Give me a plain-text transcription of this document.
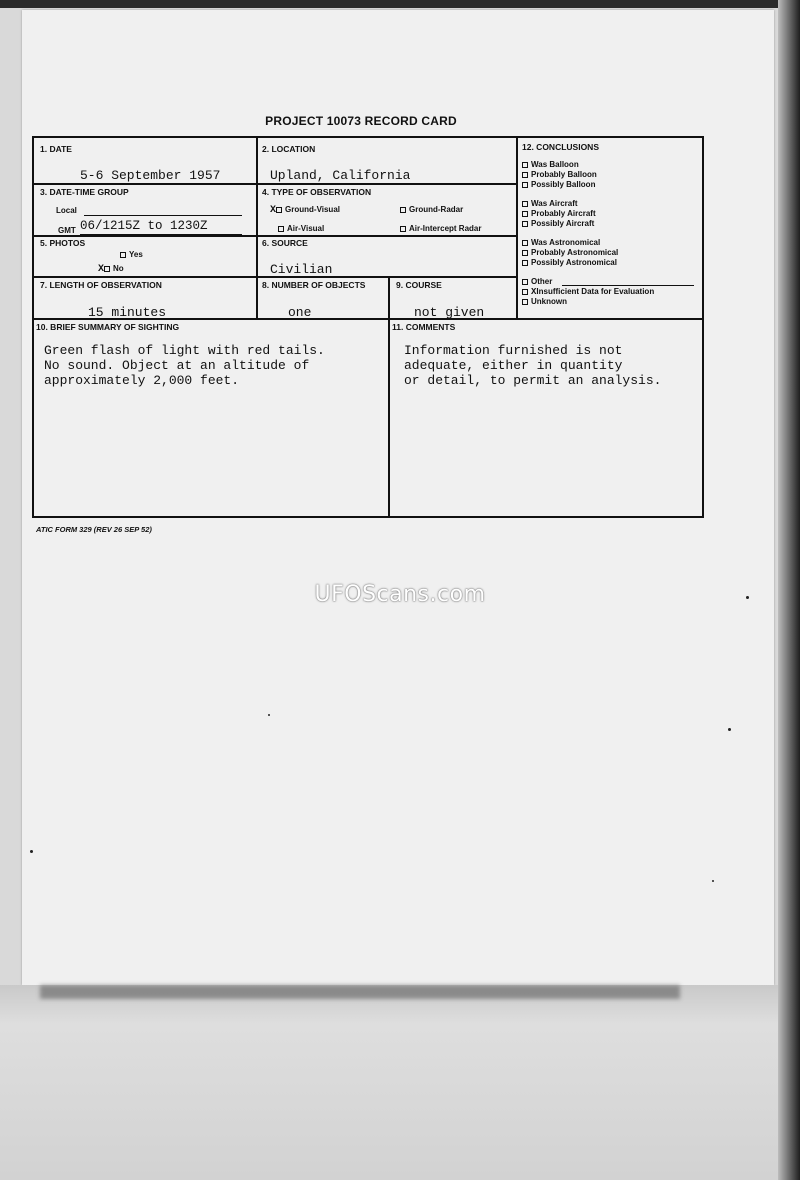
PROJECT 10073 RECORD CARD
1. DATE
5-6 September 1957
2. LOCATION
Upland, California
3. DATE-TIME GROUP
Local
GMT 06/1215Z to 1230Z
4. TYPE OF OBSERVATION
X Ground-Visual	Ground-Radar
Air-Visual	Air-Intercept Radar
5. PHOTOS
Yes
X No
6. SOURCE
Civilian
7. LENGTH OF OBSERVATION
15 minutes
8. NUMBER OF OBJECTS
one
9. COURSE
not given
10. BRIEF SUMMARY OF SIGHTING
Green flash of light with red tails.
No sound. Object at an altitude of
approximately 2,000 feet.
11. COMMENTS
Information furnished is not
adequate, either in quantity
or detail, to permit an analysis.
12. CONCLUSIONS
Was Balloon
Probably Balloon
Possibly Balloon
Was Aircraft
Probably Aircraft
Possibly Aircraft
Was Astronomical
Probably Astronomical
Possibly Astronomical
Other
XInsufficient Data for Evaluation
Unknown
ATIC FORM 329 (REV 26 SEP 52)
UFOScans.com
